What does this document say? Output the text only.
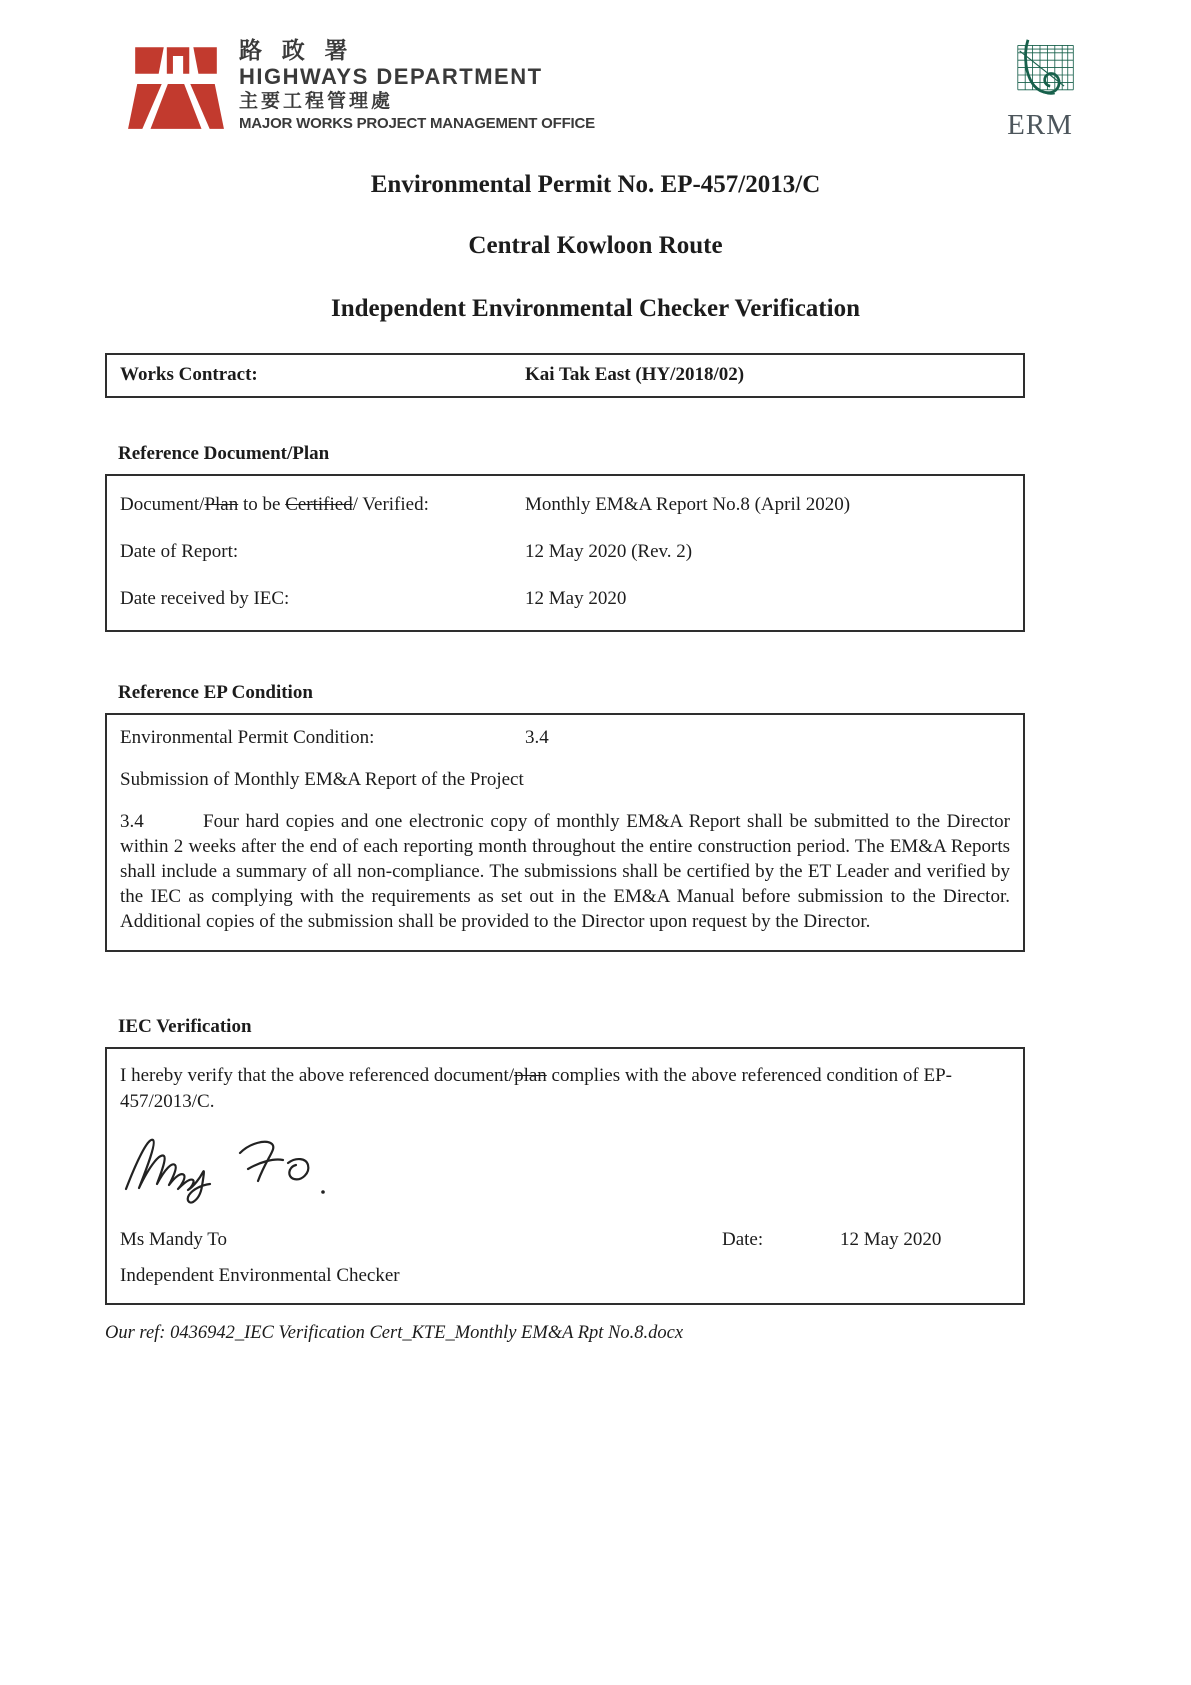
路 政 署
HIGHWAYS DEPARTMENT
主要工程管理處
MAJOR WORKS PROJECT MANAGEMENT OFFICE	ERM
Environmental Permit No. EP-457/2013/C
Central Kowloon Route
Independent Environmental Checker Verification
Works Contract:	Kai Tak East (HY/2018/02)
Reference Document/Plan
Document/Plan to be Certified/ Verified:	Monthly EM&A Report No.8 (April 2020)
Date of Report:	12 May 2020 (Rev. 2)
Date received by IEC:	12 May 2020
Reference EP Condition
Environmental Permit Condition:	3.4
Submission of Monthly EM&A Report of the Project

3.4	Four hard copies and one electronic copy of monthly EM&A Report shall be submitted to the Director within 2 weeks after the end of each reporting month throughout the entire construction period. The EM&A Reports shall include a summary of all non-compliance. The submissions shall be certified by the ET Leader and verified by the IEC as complying with the requirements as set out in the EM&A Manual before submission to the Director. Additional copies of the submission shall be provided to the Director upon request by the Director.

IEC Verification

I hereby verify that the above referenced document/plan complies with the above referenced condition of EP-457/2013/C.

Ms Mandy To	Date:	12 May 2020
Independent Environmental Checker
Our ref: 0436942_IEC Verification Cert_KTE_Monthly EM&A Rpt No.8.docx
